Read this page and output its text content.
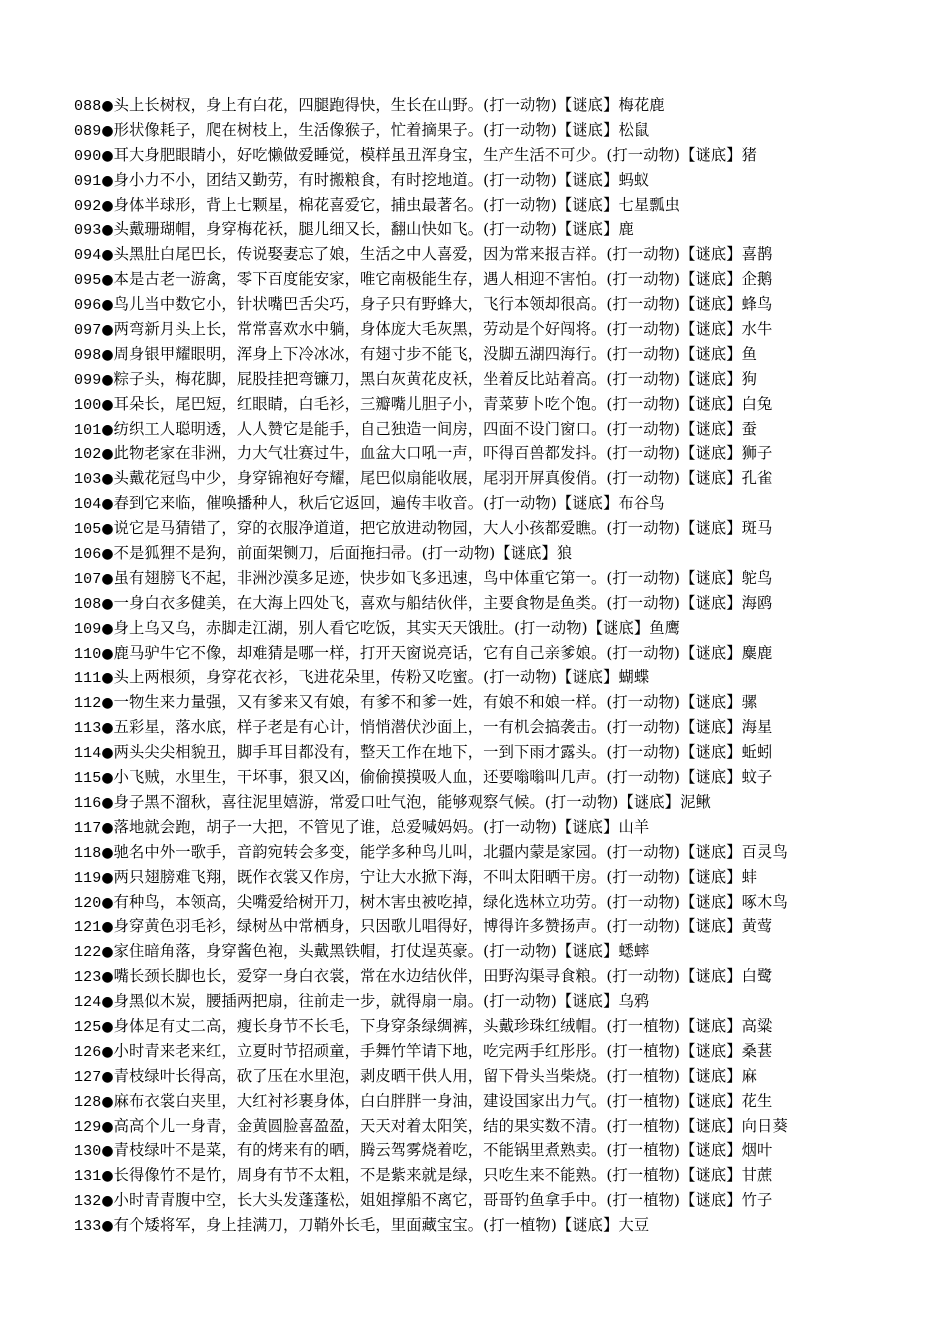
088●头上长树杈，身上有白花，四腿跑得快，生长在山野。(打一动物)【谜底】梅花鹿
089●形状像耗子，爬在树枝上，生活像猴子，忙着摘果子。(打一动物)【谜底】松鼠
090●耳大身肥眼睛小，好吃懒做爱睡觉，模样虽丑浑身宝，生产生活不可少。(打一动物)【谜底】猪
091●身小力不小，团结又勤劳，有时搬粮食，有时挖地道。(打一动物)【谜底】蚂蚁
092●身体半球形，背上七颗星，棉花喜爱它，捕虫最著名。(打一动物)【谜底】七星瓢虫
093●头戴珊瑚帽，身穿梅花袄，腿儿细又长，翻山快如飞。(打一动物)【谜底】鹿
094●头黑肚白尾巴长，传说娶妻忘了娘，生活之中人喜爱，因为常来报吉祥。(打一动物)【谜底】喜鹊
095●本是古老一游禽，零下百度能安家，唯它南极能生存，遇人相迎不害怕。(打一动物)【谜底】企鹅
096●鸟儿当中数它小，针状嘴巴舌尖巧，身子只有野蜂大，飞行本领却很高。(打一动物)【谜底】蜂鸟
097●两弯新月头上长，常常喜欢水中躺，身体庞大毛灰黑，劳动是个好闯将。(打一动物)【谜底】水牛
098●周身银甲耀眼明，浑身上下冷冰冰，有翅寸步不能飞，没脚五湖四海行。(打一动物)【谜底】鱼
099●粽子头，梅花脚，屁股挂把弯镰刀，黑白灰黄花皮袄，坐着反比站着高。(打一动物)【谜底】狗
100●耳朵长，尾巴短，红眼睛，白毛衫，三瓣嘴儿胆子小，青菜萝卜吃个饱。(打一动物)【谜底】白兔
101●纺织工人聪明透，人人赞它是能手，自己独造一间房，四面不设门窗口。(打一动物)【谜底】蚕
102●此物老家在非洲，力大气壮赛过牛，血盆大口吼一声，吓得百兽都发抖。(打一动物)【谜底】狮子
103●头戴花冠鸟中少，身穿锦袍好夸耀，尾巴似扇能收展，尾羽开屏真俊俏。(打一动物)【谜底】孔雀
104●春到它来临，催唤播种人，秋后它返回，遍传丰收音。(打一动物)【谜底】布谷鸟
105●说它是马猜错了，穿的衣服净道道，把它放进动物园，大人小孩都爱瞧。(打一动物)【谜底】斑马
106●不是狐狸不是狗，前面架铡刀，后面拖扫帚。(打一动物)【谜底】狼
107●虽有翅膀飞不起，非洲沙漠多足迹，快步如飞多迅速，鸟中体重它第一。(打一动物)【谜底】鸵鸟
108●一身白衣多健美，在大海上四处飞，喜欢与船结伙伴，主要食物是鱼类。(打一动物)【谜底】海鸥
109●身上乌又乌，赤脚走江湖，别人看它吃饭，其实天天饿肚。(打一动物)【谜底】鱼鹰
110●鹿马驴牛它不像，却难猜是哪一样，打开天窗说亮话，它有自己亲爹娘。(打一动物)【谜底】麋鹿
111●头上两根须，身穿花衣衫，飞进花朵里，传粉又吃蜜。(打一动物)【谜底】蝴蝶
112●一物生来力量强，又有爹来又有娘，有爹不和爹一姓，有娘不和娘一样。(打一动物)【谜底】骡
113●五彩星，落水底，样子老是有心计，悄悄潜伏沙面上，一有机会搞袭击。(打一动物)【谜底】海星
114●两头尖尖相貌丑，脚手耳目都没有，整天工作在地下，一到下雨才露头。(打一动物)【谜底】蚯蚓
115●小飞贼，水里生，干坏事，狠又凶，偷偷摸摸吸人血，还要嗡嗡叫几声。(打一动物)【谜底】蚊子
116●身子黑不溜秋，喜往泥里嬉游，常爱口吐气泡，能够观察气候。(打一动物)【谜底】泥鳅
117●落地就会跑，胡子一大把，不管见了谁，总爱喊妈妈。(打一动物)【谜底】山羊
118●驰名中外一歌手，音韵宛转会多变，能学多种鸟儿叫，北疆内蒙是家园。(打一动物)【谜底】百灵鸟
119●两只翅膀难飞翔，既作衣裳又作房，宁让大水掀下海，不叫太阳晒干房。(打一动物)【谜底】蚌
120●有种鸟，本领高，尖嘴爱给树开刀，树木害虫被吃掉，绿化选林立功劳。(打一动物)【谜底】啄木鸟
121●身穿黄色羽毛衫，绿树丛中常栖身，只因歌儿唱得好，博得许多赞扬声。(打一动物)【谜底】黄莺
122●家住暗角落，身穿酱色袍，头戴黑铁帽，打仗逞英豪。(打一动物)【谜底】蟋蟀
123●嘴长颈长脚也长，爱穿一身白衣裳，常在水边结伙伴，田野沟渠寻食粮。(打一动物)【谜底】白鹭
124●身黑似木炭，腰插两把扇，往前走一步，就得扇一扇。(打一动物)【谜底】乌鸦
125●身体足有丈二高，瘦长身节不长毛，下身穿条绿绸裤，头戴珍珠红绒帽。(打一植物)【谜底】高粱
126●小时青来老来红，立夏时节招顽童，手舞竹竿请下地，吃完两手红彤彤。(打一植物)【谜底】桑葚
127●青枝绿叶长得高，砍了压在水里泡，剥皮晒干供人用，留下骨头当柴烧。(打一植物)【谜底】麻
128●麻布衣裳白夹里，大红衬衫裹身体，白白胖胖一身油，建设国家出力气。(打一植物)【谜底】花生
129●高高个儿一身青，金黄圆脸喜盈盈，天天对着太阳笑，结的果实数不清。(打一植物)【谜底】向日葵
130●青枝绿叶不是菜，有的烤来有的晒，腾云驾雾烧着吃，不能锅里煮熟卖。(打一植物)【谜底】烟叶
131●长得像竹不是竹，周身有节不太粗，不是紫来就是绿，只吃生来不能熟。(打一植物)【谜底】甘蔗
132●小时青青腹中空，长大头发蓬蓬松，姐姐撑船不离它，哥哥钓鱼拿手中。(打一植物)【谜底】竹子
133●有个矮将军，身上挂满刀，刀鞘外长毛，里面藏宝宝。(打一植物)【谜底】大豆
